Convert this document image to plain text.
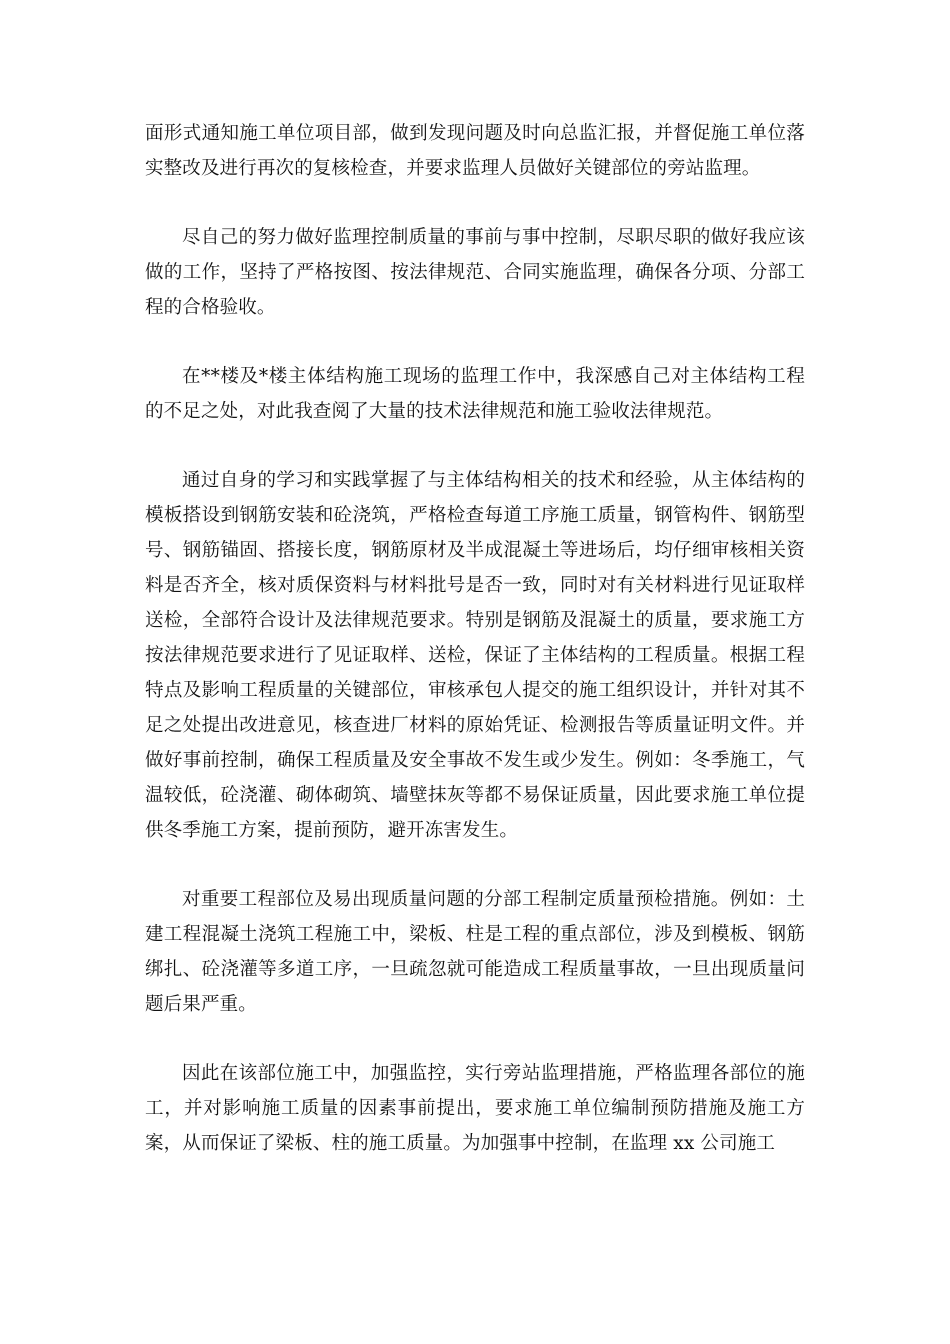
面形式通知施工单位项目部，做到发现问题及时向总监汇报，并督促施工单位落实整改及进行再次的复核检查，并要求监理人员做好关键部位的旁站监理。

尽自己的努力做好监理控制质量的事前与事中控制，尽职尽职的做好我应该做的工作，坚持了严格按图、按法律规范、合同实施监理，确保各分项、分部工程的合格验收。

在**楼及*楼主体结构施工现场的监理工作中，我深感自己对主体结构工程的不足之处，对此我查阅了大量的技术法律规范和施工验收法律规范。

通过自身的学习和实践掌握了与主体结构相关的技术和经验，从主体结构的模板搭设到钢筋安装和砼浇筑，严格检查每道工序施工质量，钢管构件、钢筋型号、钢筋锚固、搭接长度，钢筋原材及半成混凝土等进场后，均仔细审核相关资料是否齐全，核对质保资料与材料批号是否一致，同时对有关材料进行见证取样送检，全部符合设计及法律规范要求。特别是钢筋及混凝土的质量，要求施工方按法律规范要求进行了见证取样、送检，保证了主体结构的工程质量。根据工程特点及影响工程质量的关键部位，审核承包人提交的施工组织设计，并针对其不足之处提出改进意见，核查进厂材料的原始凭证、检测报告等质量证明文件。并做好事前控制，确保工程质量及安全事故不发生或少发生。例如：冬季施工，气温较低，砼浇灌、砌体砌筑、墙壁抹灰等都不易保证质量，因此要求施工单位提供冬季施工方案，提前预防，避开冻害发生。

对重要工程部位及易出现质量问题的分部工程制定质量预检措施。例如：土建工程混凝土浇筑工程施工中，梁板、柱是工程的重点部位，涉及到模板、钢筋绑扎、砼浇灌等多道工序，一旦疏忽就可能造成工程质量事故，一旦出现质量问题后果严重。

因此在该部位施工中，加强监控，实行旁站监理措施，严格监理各部位的施工，并对影响施工质量的因素事前提出，要求施工单位编制预防措施及施工方案，从而保证了梁板、柱的施工质量。为加强事中控制，在监理 xx 公司施工
